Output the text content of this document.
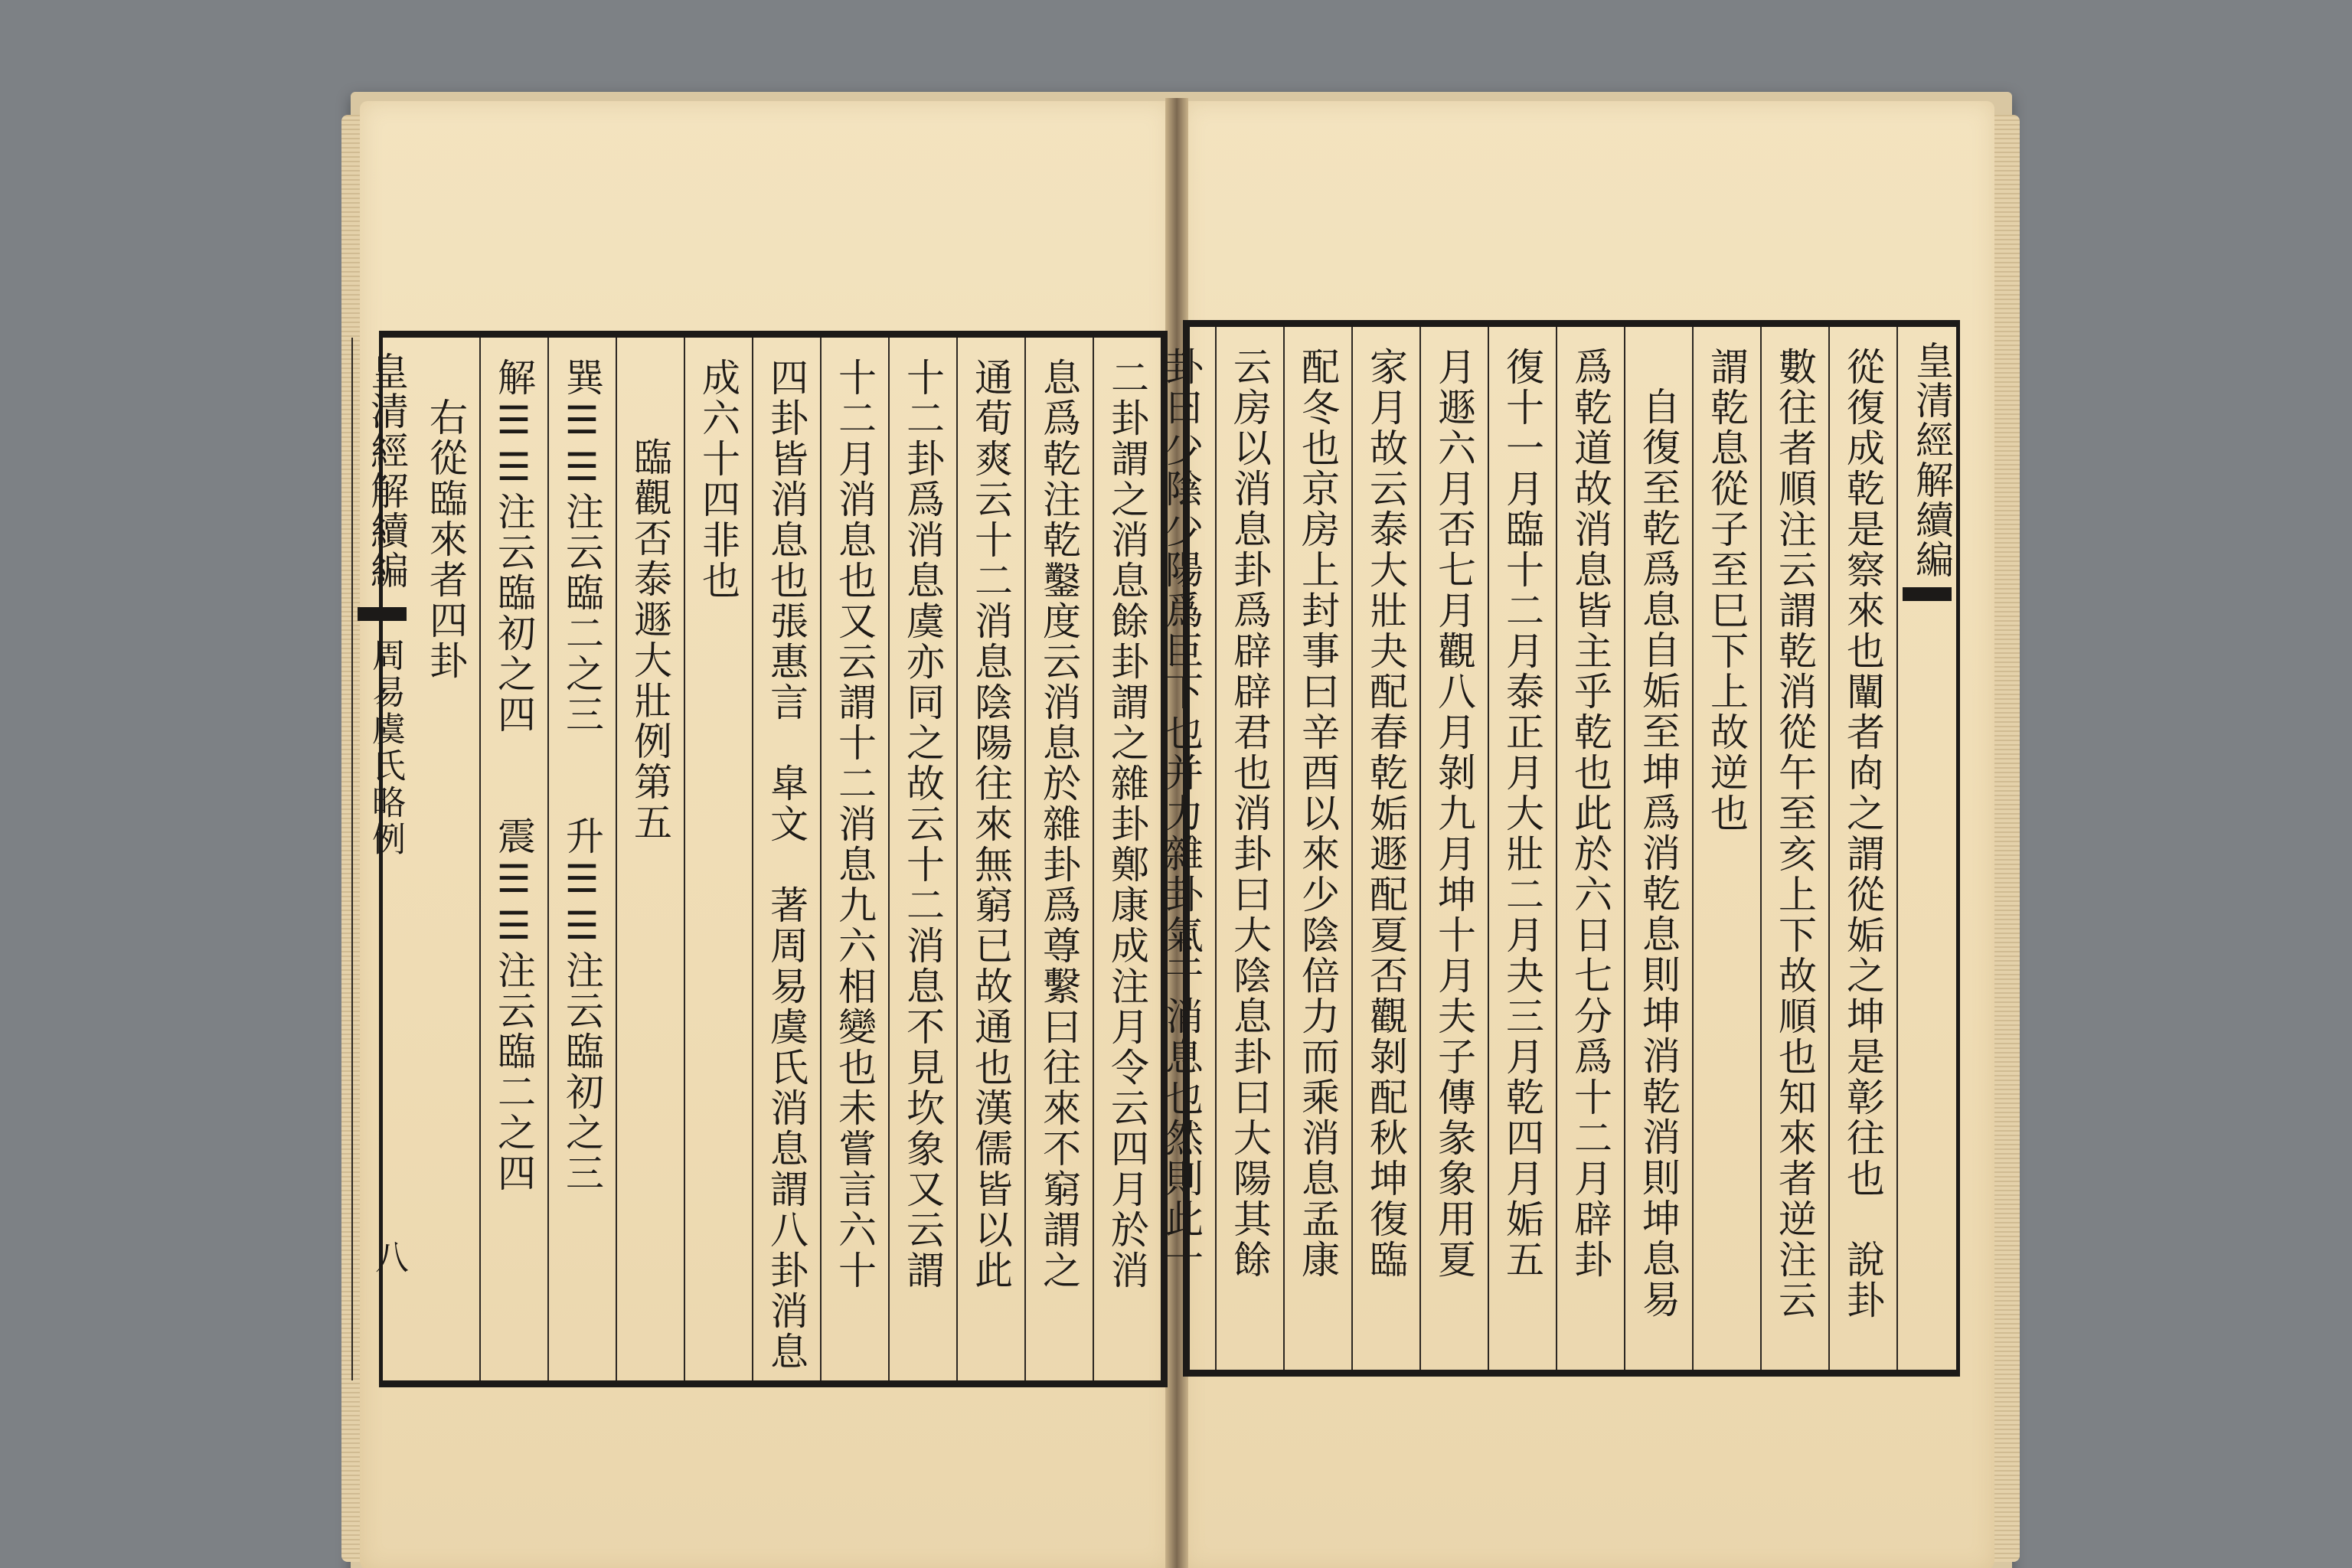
二卦謂之消息餘卦謂之雜卦鄭康成注月令云四月於消
息爲乾注乾鑿度云消息於雜卦爲尊繫曰往來不窮謂之
通荀爽云十二消息陰陽往來無窮已故通也漢儒皆以此
十二卦爲消息虞亦同之故云十二消息不見坎象又云謂
十二月消息也又云謂十二消息九六相變也未嘗言六十
四卦皆消息也張惠言　皐文　著周易虞氏消息謂八卦消息
成六十四非也
臨觀否泰遯大壯例第五
巽☰☰注云臨二之三　　升☰☰注云臨初之三
解☰☰注云臨初之四　　震☰☰注云臨二之四
右從臨來者四卦
皇清經解續編
周易虞氏略例
八
皇清經解續編
從復成乾是察來也闡者㕯之謂從姤之坤是彰往也　說卦
數往者順注云謂乾消從午至亥上下故順也知來者逆注云
謂乾息從子至巳下上故逆也
自復至乾爲息自姤至坤爲消乾息則坤消乾消則坤息易
爲乾道故消息皆主乎乾也此於六日七分爲十二月辟卦
復十一月臨十二月泰正月大壯二月夬三月乾四月姤五
月遯六月否七月觀八月剝九月坤十月夫子傳彖象用夏
家月故云泰大壯夬配春乾姤遯配夏否觀剝配秋坤復臨
配冬也京房上封事曰辛酉以來少陰倍力而乘消息孟康
云房以消息卦爲辟辟君也消卦曰大陰息卦曰大陽其餘
卦曰少陰少陽爲臣下也并力雜卦氣干消息也然則此十
